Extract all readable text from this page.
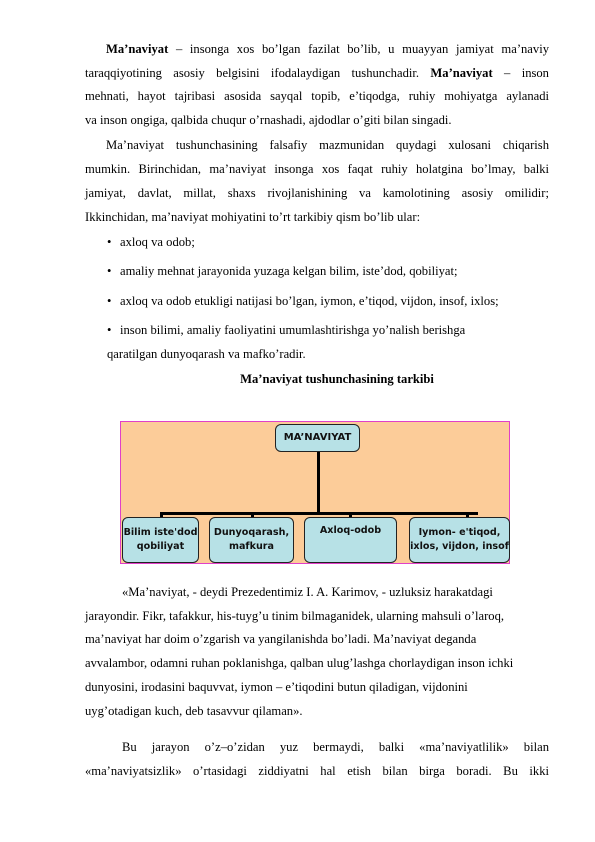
Ma’naviyat – insonga xos bo’lgan fazilat bo’lib, u muayyan jamiyat ma’naviy
taraqqiyotining asosiy belgisini ifodalaydigan tushunchadir. Ma’naviyat – inson
mehnati, hayot tajribasi asosida sayqal topib, e’tiqodga, ruhiy mohiyatga aylanadi
va inson ongiga, qalbida chuqur o’rnashadi, ajdodlar o’giti bilan singadi.
Ma’naviyat tushunchasining falsafiy mazmunidan quydagi xulosani chiqarish
mumkin. Birinchidan, ma’naviyat insonga xos faqat ruhiy holatgina bo’lmay, balki
jamiyat, davlat, millat, shaxs rivojlanishining va kamolotining asosiy omilidir;
Ikkinchidan, ma’naviyat mohiyatini to’rt tarkibiy qism bo’lib ular:
• axloq va odob;
• amaliy mehnat jarayonida yuzaga kelgan bilim, iste’dod, qobiliyat;
• axloq va odob etukligi natijasi bo’lgan, iymon, e’tiqod, vijdon, insof, ixlos;
• inson bilimi, amaliy faoliyatini umumlashtirishga yo’nalish berishga
qaratilgan dunyoqarash va mafko’radir.
Ma’naviyat tushunchasining tarkibi
MA’NAVIYAT
Bilim iste'dod
qobiliyat
Dunyoqarash,
mafkura
Axloq-odob	Iymon- e'tiqod,
ixlos, vijdon, insof
«Ma’naviyat, - deydi Prezedentimiz I. A. Karimov, - uzluksiz harakatdagi
jarayondir. Fikr, tafakkur, his-tuyg’u tinim bilmaganidek, ularning mahsuli o’laroq,
ma’naviyat har doim o’zgarish va yangilanishda bo’ladi. Ma’naviyat deganda
avvalambor, odamni ruhan poklanishga, qalban ulug’lashga chorlaydigan inson ichki
dunyosini, irodasini baquvvat, iymon – e’tiqodini butun qiladigan, vijdonini
uyg’otadigan kuch, deb tasavvur qilaman».
Bu jarayon o’z–o’zidan yuz bermaydi, balki «ma’naviyatlilik» bilan
«ma’naviyatsizlik» o’rtasidagi ziddiyatni hal etish bilan birga boradi. Bu ikki
